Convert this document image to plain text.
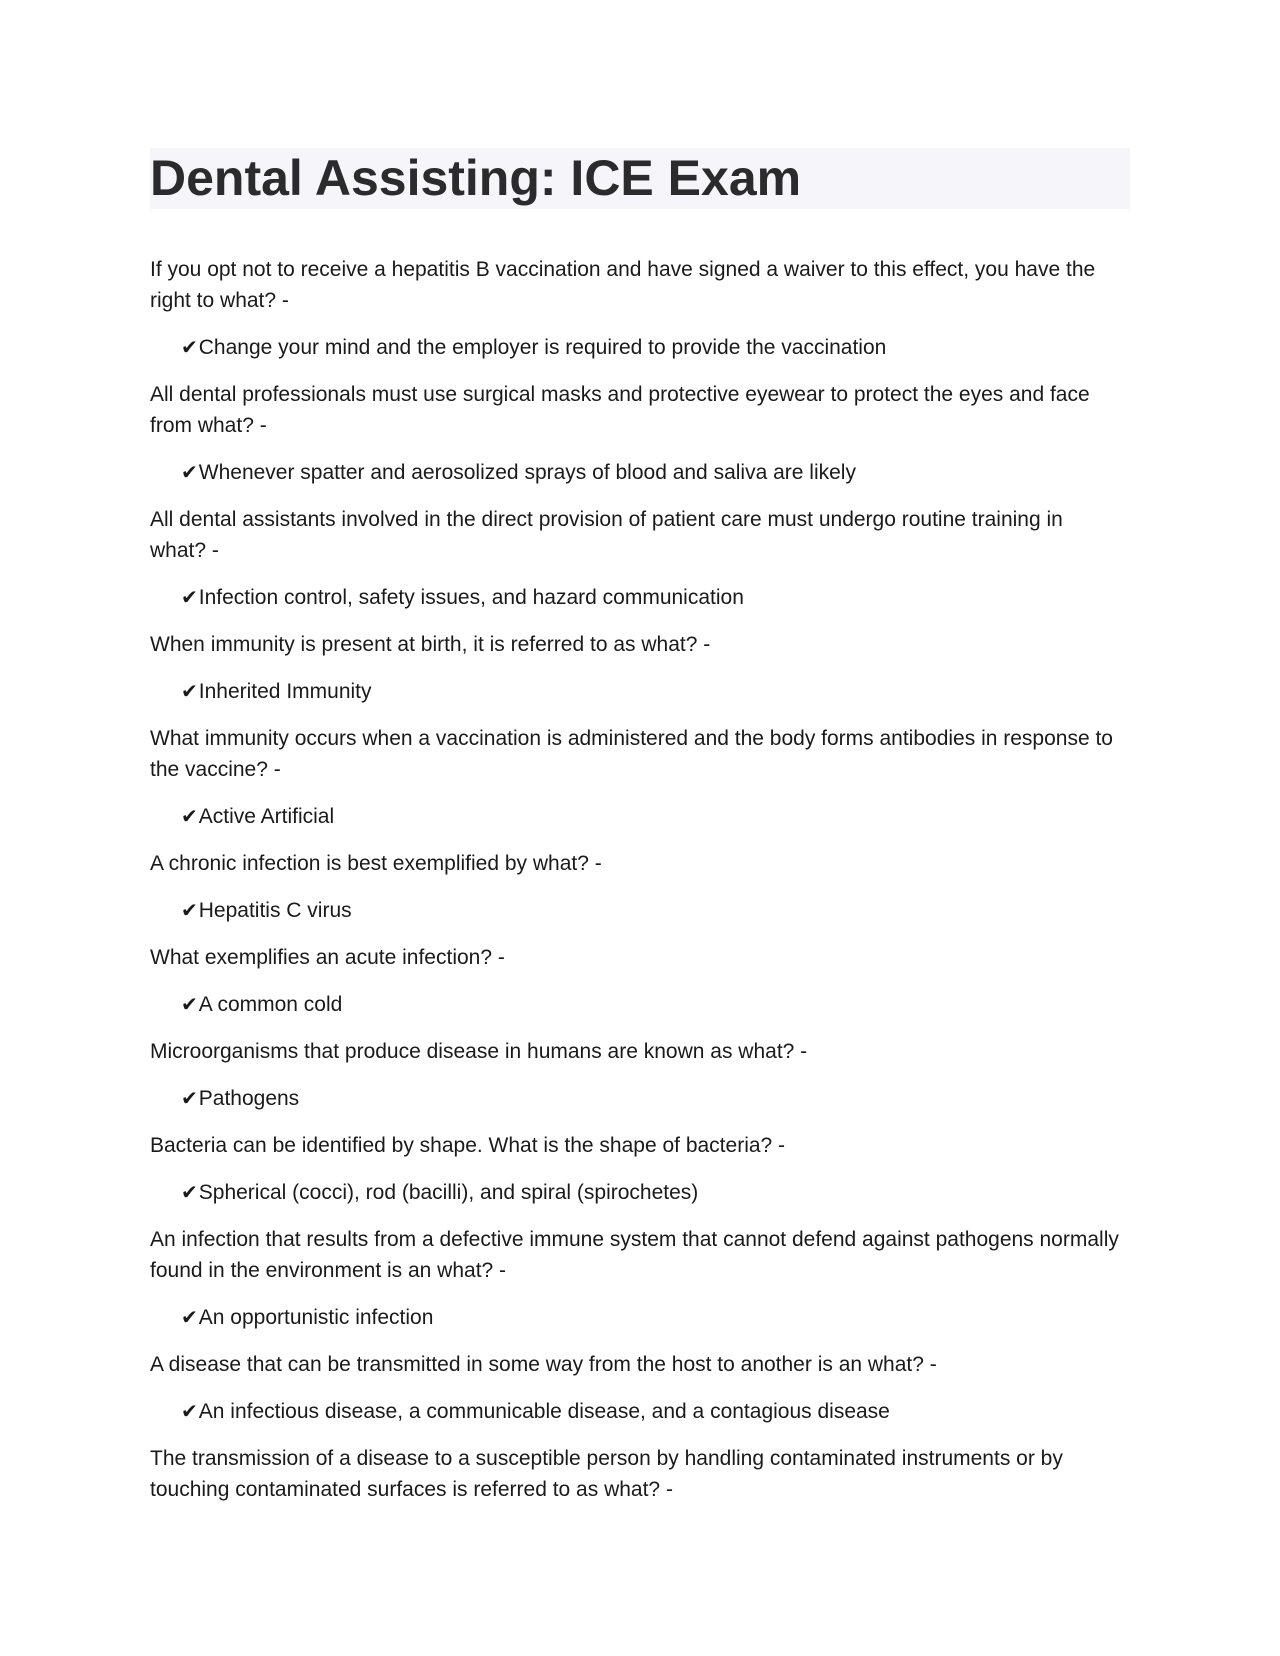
Dental Assisting: ICE Exam

If you opt not to receive a hepatitis B vaccination and have signed a waiver to this effect, you have the right to what? -

✔ Change your mind and the employer is required to provide the vaccination

All dental professionals must use surgical masks and protective eyewear to protect the eyes and face from what? -

✔ Whenever spatter and aerosolized sprays of blood and saliva are likely

All dental assistants involved in the direct provision of patient care must undergo routine training in what? -

✔ Infection control, safety issues, and hazard communication

When immunity is present at birth, it is referred to as what? -

✔ Inherited Immunity

What immunity occurs when a vaccination is administered and the body forms antibodies in response to the vaccine? -

✔ Active Artificial

A chronic infection is best exemplified by what? -

✔ Hepatitis C virus

What exemplifies an acute infection? -

✔ A common cold

Microorganisms that produce disease in humans are known as what? -

✔ Pathogens

Bacteria can be identified by shape. What is the shape of bacteria? -

✔ Spherical (cocci), rod (bacilli), and spiral (spirochetes)

An infection that results from a defective immune system that cannot defend against pathogens normally found in the environment is an what? -

✔ An opportunistic infection

A disease that can be transmitted in some way from the host to another is an what? -

✔ An infectious disease, a communicable disease, and a contagious disease

The transmission of a disease to a susceptible person by handling contaminated instruments or by touching contaminated surfaces is referred to as what? -
